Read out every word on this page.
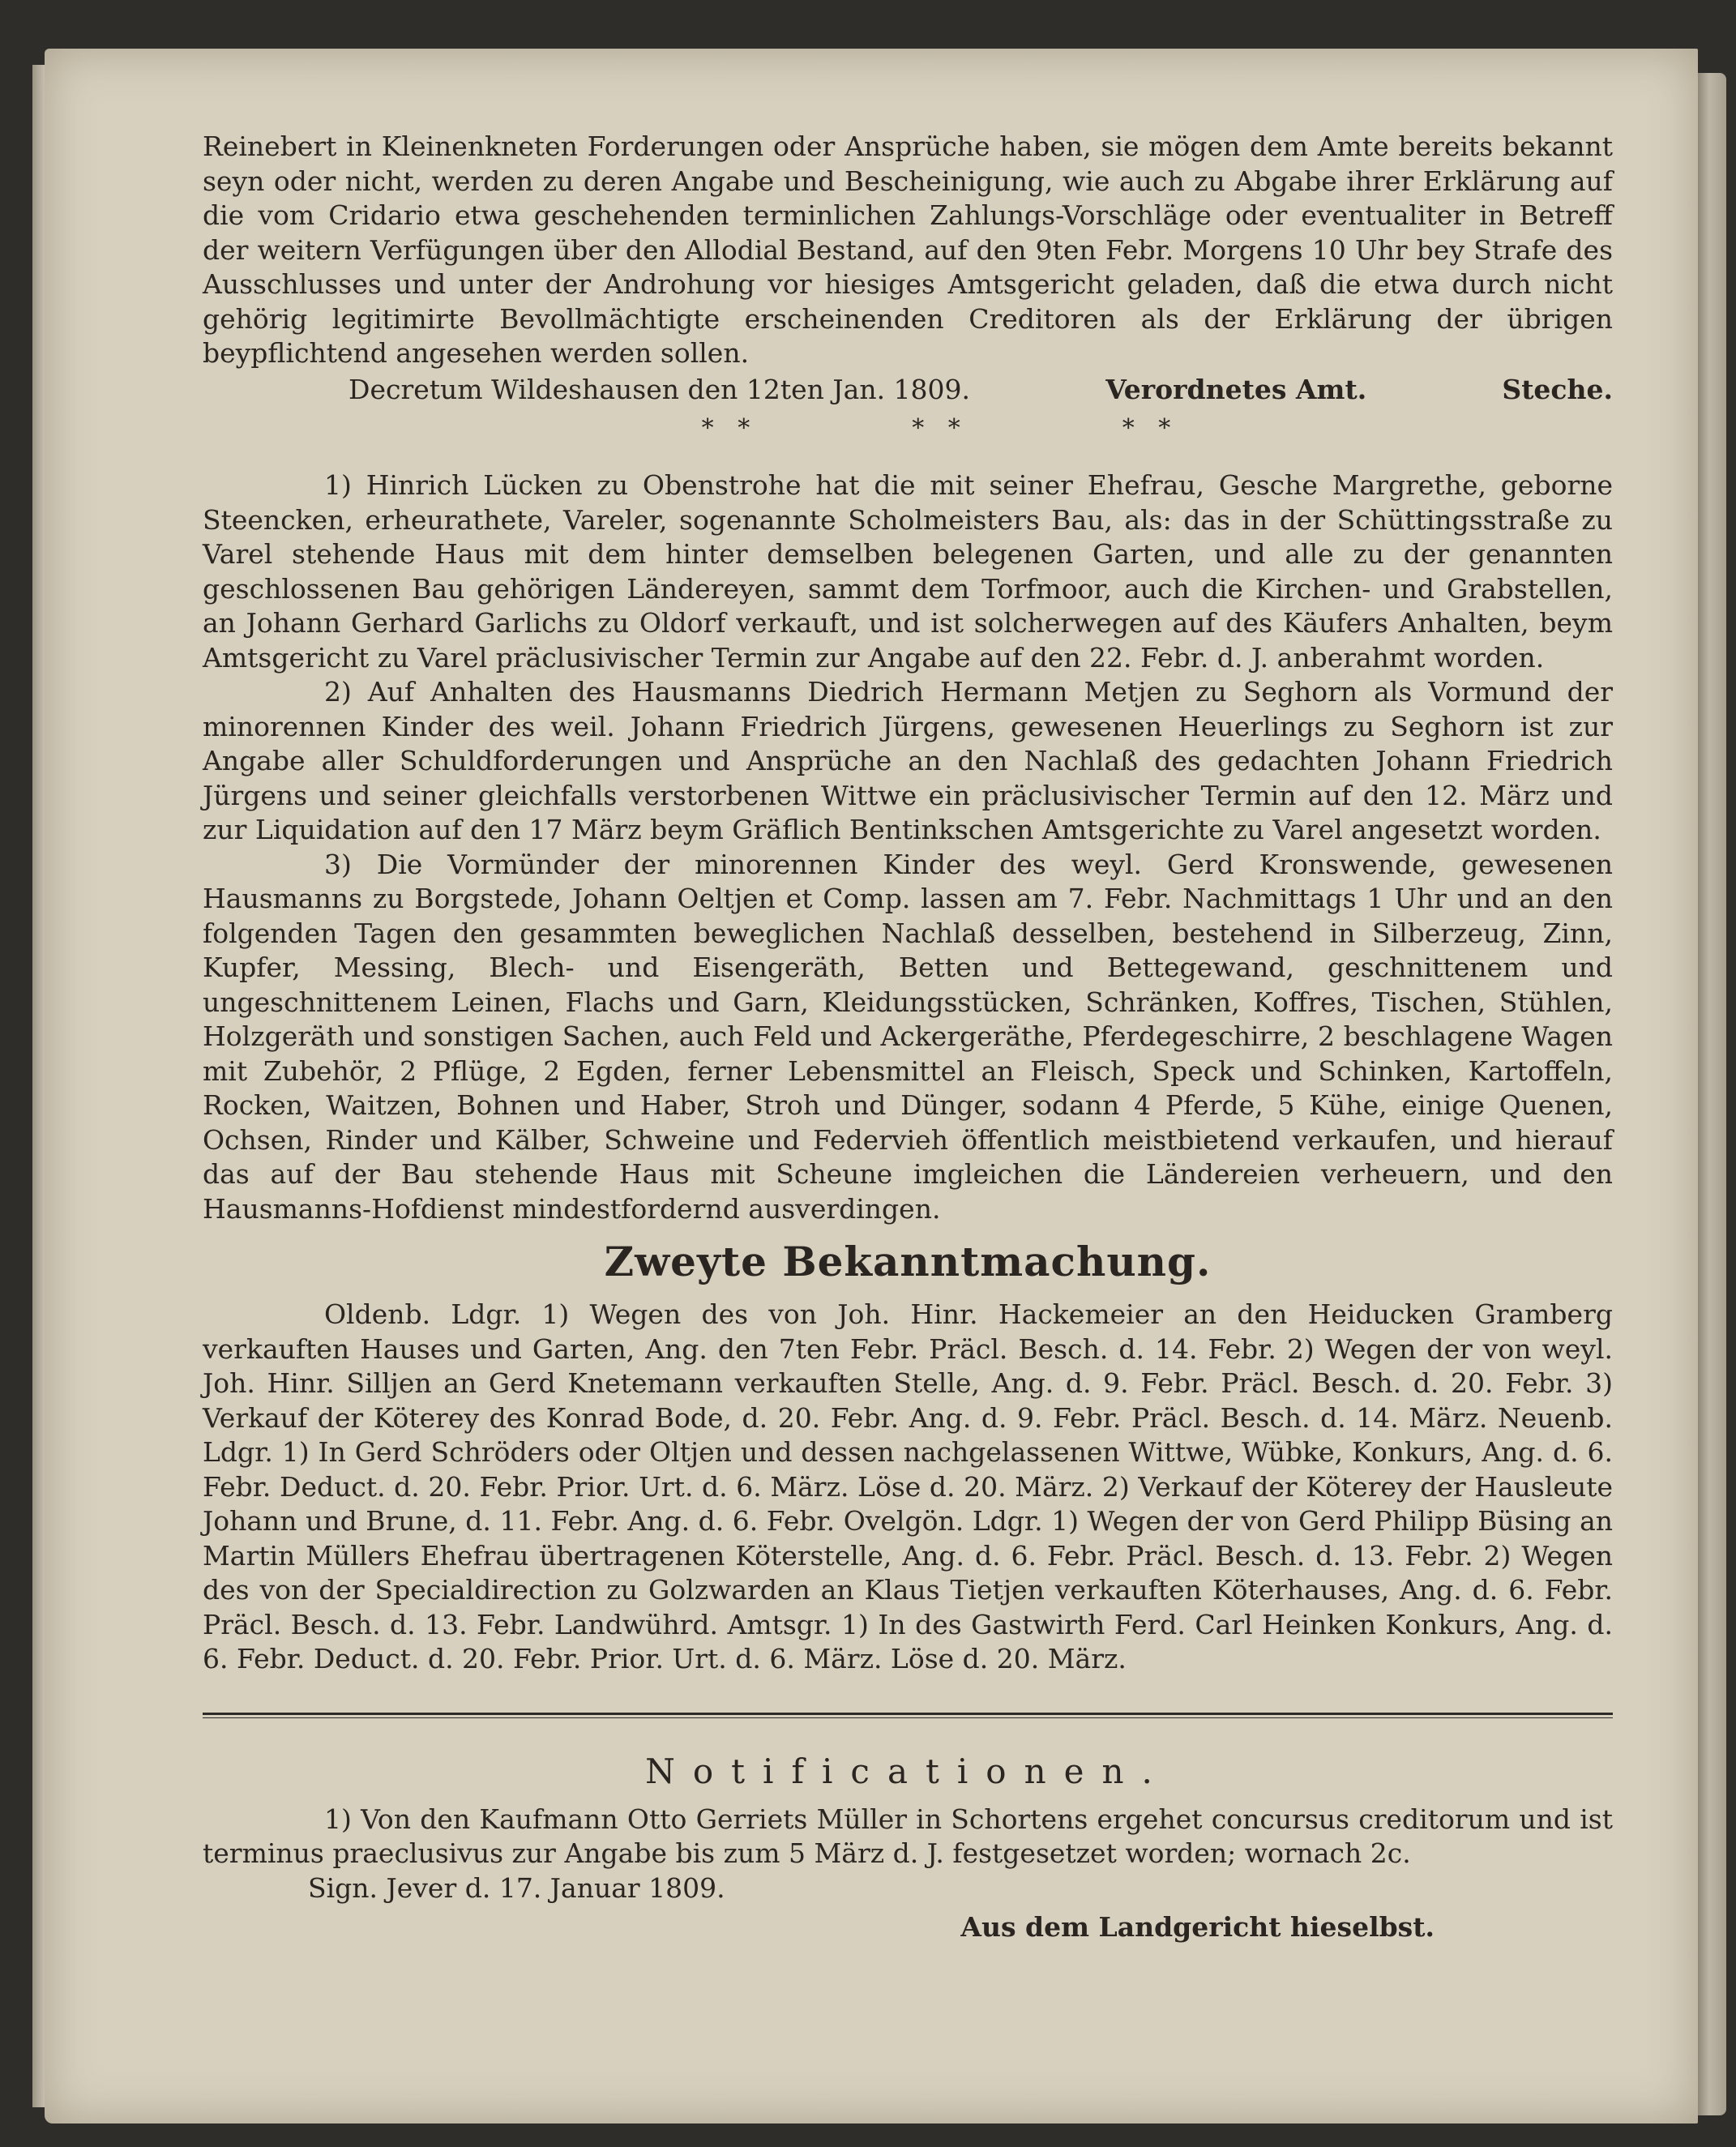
Reinebert in Kleinenkneten Forderungen oder Ansprüche haben, sie mögen dem Amte bereits bekannt seyn oder nicht, werden zu deren Angabe und Bescheinigung, wie auch zu Abgabe ihrer Erklärung auf die vom Cridario etwa geschehenden terminlichen Zahlungs-Vorschläge oder eventualiter in Betreff der weitern Verfügungen über den Allodial Bestand, auf den 9ten Febr. Morgens 10 Uhr bey Strafe des Ausschlusses und unter der Androhung vor hiesiges Amtsgericht geladen, daß die etwa durch nicht gehörig legitimirte Bevollmächtigte erscheinenden Creditoren als der Erklärung der übrigen beypflichtend angesehen werden sollen.

Decretum Wildeshausen den 12ten Jan. 1809.	Verordnetes Amt.	Steche.
* *	* *	* *

1) Hinrich Lücken zu Obenstrohe hat die mit seiner Ehefrau, Gesche Margrethe, geborne Steencken, erheurathete, Vareler, sogenannte Scholmeisters Bau, als: das in der Schüttingsstraße zu Varel stehende Haus mit dem hinter demselben belegenen Garten, und alle zu der genannten geschlossenen Bau gehörigen Ländereyen, sammt dem Torfmoor, auch die Kirchen- und Grabstellen, an Johann Gerhard Garlichs zu Oldorf verkauft, und ist solcherwegen auf des Käufers Anhalten, beym Amtsgericht zu Varel präclusivischer Termin zur Angabe auf den 22. Febr. d. J. anberahmt worden.

2) Auf Anhalten des Hausmanns Diedrich Hermann Metjen zu Seghorn als Vormund der minorennen Kinder des weil. Johann Friedrich Jürgens, gewesenen Heuerlings zu Seghorn ist zur Angabe aller Schuldforderungen und Ansprüche an den Nachlaß des gedachten Johann Friedrich Jürgens und seiner gleichfalls verstorbenen Wittwe ein präclusivischer Termin auf den 12. März und zur Liquidation auf den 17 März beym Gräflich Bentinkschen Amtsgerichte zu Varel angesetzt worden.

3) Die Vormünder der minorennen Kinder des weyl. Gerd Kronswende, gewesenen Hausmanns zu Borgstede, Johann Oeltjen et Comp. lassen am 7. Febr. Nachmittags 1 Uhr und an den folgenden Tagen den gesammten beweglichen Nachlaß desselben, bestehend in Silberzeug, Zinn, Kupfer, Messing, Blech- und Eisengeräth, Betten und Bettegewand, geschnittenem und ungeschnittenem Leinen, Flachs und Garn, Kleidungsstücken, Schränken, Koffres, Tischen, Stühlen, Holzgeräth und sonstigen Sachen, auch Feld und Ackergeräthe, Pferdegeschirre, 2 beschlagene Wagen mit Zubehör, 2 Pflüge, 2 Egden, ferner Lebensmittel an Fleisch, Speck und Schinken, Kartoffeln, Rocken, Waitzen, Bohnen und Haber, Stroh und Dünger, sodann 4 Pferde, 5 Kühe, einige Quenen, Ochsen, Rinder und Kälber, Schweine und Federvieh öffentlich meistbietend verkaufen, und hierauf das auf der Bau stehende Haus mit Scheune imgleichen die Ländereien verheuern, und den Hausmanns-Hofdienst mindestfordernd ausverdingen.

Zweyte Bekanntmachung.

Oldenb. Ldgr. 1) Wegen des von Joh. Hinr. Hackemeier an den Heiducken Gramberg verkauften Hauses und Garten, Ang. den 7ten Febr. Präcl. Besch. d. 14. Febr. 2) Wegen der von weyl. Joh. Hinr. Silljen an Gerd Knetemann verkauften Stelle, Ang. d. 9. Febr. Präcl. Besch. d. 20. Febr. 3) Verkauf der Köterey des Konrad Bode, d. 20. Febr. Ang. d. 9. Febr. Präcl. Besch. d. 14. März. Neuenb. Ldgr. 1) In Gerd Schröders oder Oltjen und dessen nachgelassenen Wittwe, Wübke, Konkurs, Ang. d. 6. Febr. Deduct. d. 20. Febr. Prior. Urt. d. 6. März. Löse d. 20. März. 2) Verkauf der Köterey der Hausleute Johann und Brune, d. 11. Febr. Ang. d. 6. Febr. Ovelgön. Ldgr. 1) Wegen der von Gerd Philipp Büsing an Martin Müllers Ehefrau übertragenen Köterstelle, Ang. d. 6. Febr. Präcl. Besch. d. 13. Febr. 2) Wegen des von der Specialdirection zu Golzwarden an Klaus Tietjen verkauften Köterhauses, Ang. d. 6. Febr. Präcl. Besch. d. 13. Febr. Landwührd. Amtsgr. 1) In des Gastwirth Ferd. Carl Heinken Konkurs, Ang. d. 6. Febr. Deduct. d. 20. Febr. Prior. Urt. d. 6. März. Löse d. 20. März.

Notificationen.

1) Von den Kaufmann Otto Gerriets Müller in Schortens ergehet concursus creditorum und ist terminus praeclusivus zur Angabe bis zum 5 März d. J. festgesetzet worden; wornach 2c.

Sign. Jever d. 17. Januar 1809.

Aus dem Landgericht hieselbst.
